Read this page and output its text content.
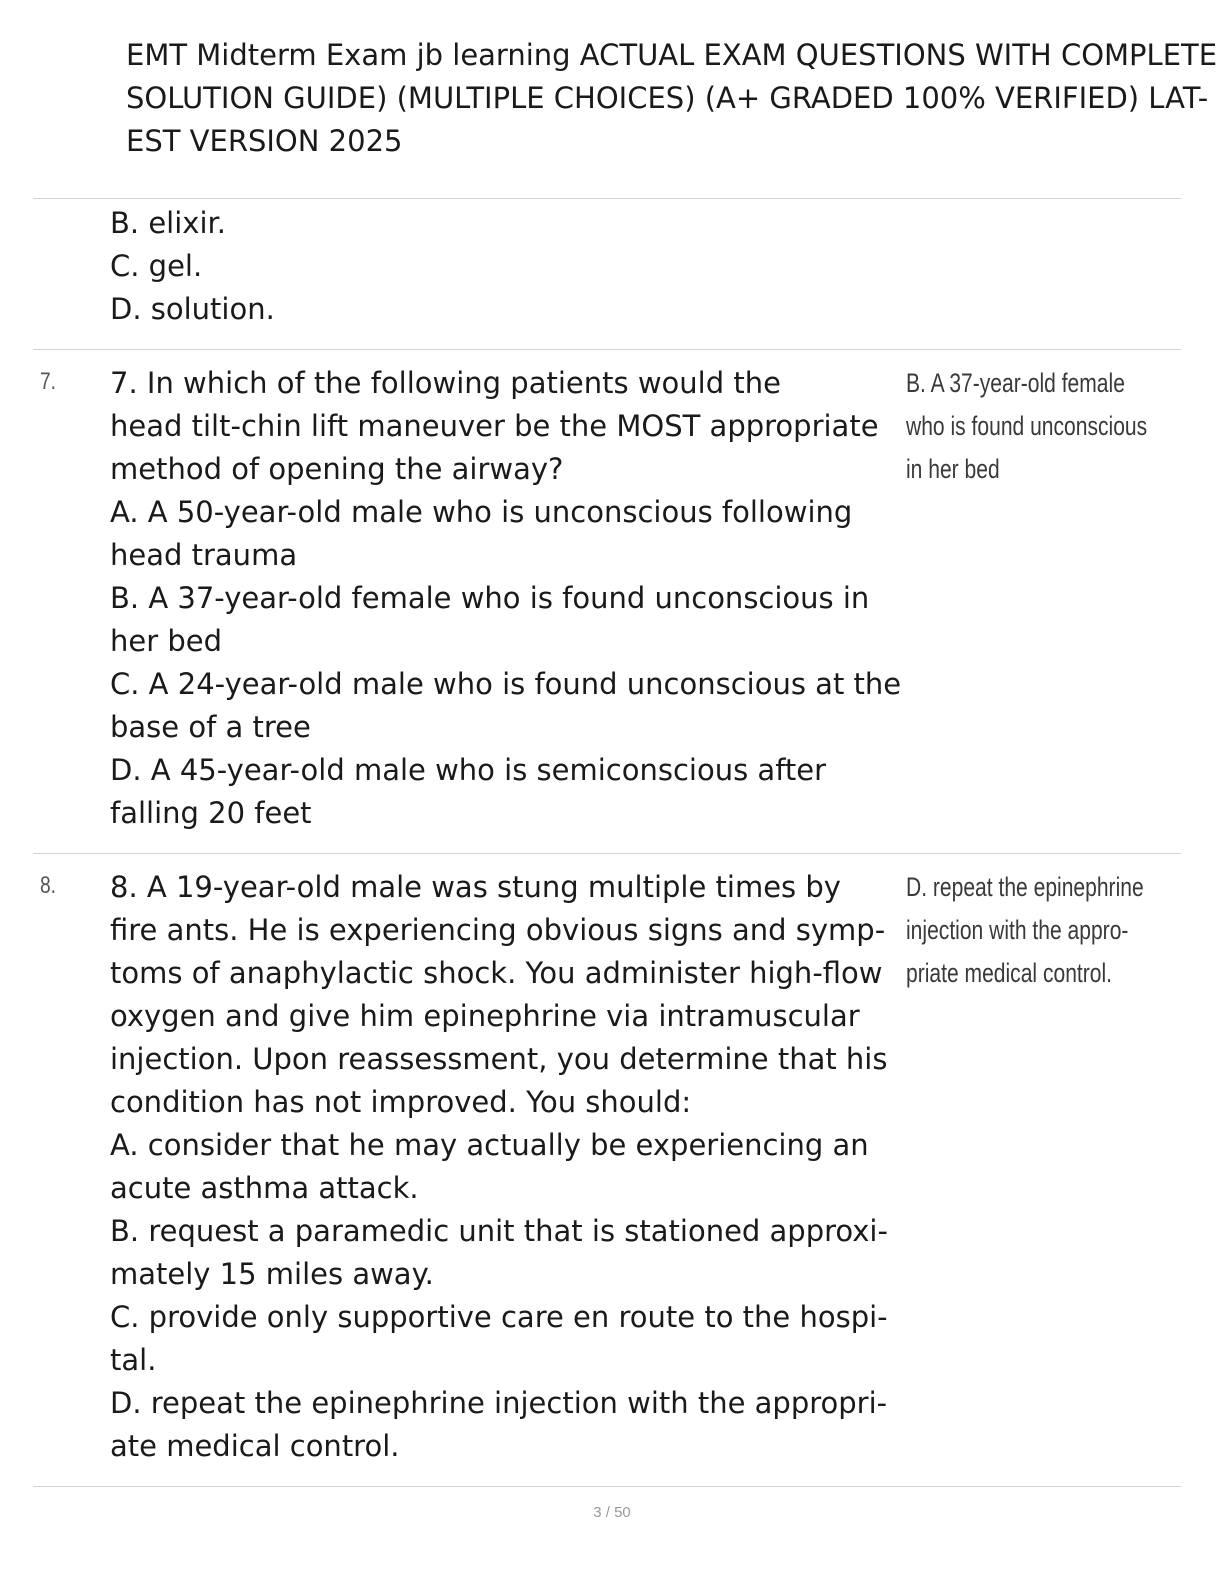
EMT Midterm Exam jb learning ACTUAL EXAM QUESTIONS WITH COMPLETE
SOLUTION GUIDE) (MULTIPLE CHOICES) (A+ GRADED 100% VERIFIED) LAT-
EST VERSION 2025
B. elixir.
C. gel.
D. solution.
7. 7. In which of the following patients would the
head tilt-chin lift maneuver be the MOST appropriate
method of opening the airway?
A. A 50-year-old male who is unconscious following
head trauma
B. A 37-year-old female who is found unconscious in
her bed
C. A 24-year-old male who is found unconscious at the
base of a tree
D. A 45-year-old male who is semiconscious after
falling 20 feet
B. A 37-year-old female
who is found unconscious
in her bed
8. 8. A 19-year-old male was stung multiple times by
fire ants. He is experiencing obvious signs and symp-
toms of anaphylactic shock. You administer high-flow
oxygen and give him epinephrine via intramuscular
injection. Upon reassessment, you determine that his
condition has not improved. You should:
A. consider that he may actually be experiencing an
acute asthma attack.
B. request a paramedic unit that is stationed approxi-
mately 15 miles away.
C. provide only supportive care en route to the hospi-
tal.
D. repeat the epinephrine injection with the appropri-
ate medical control.
D. repeat the epinephrine
injection with the appro-
priate medical control.
3 / 50
